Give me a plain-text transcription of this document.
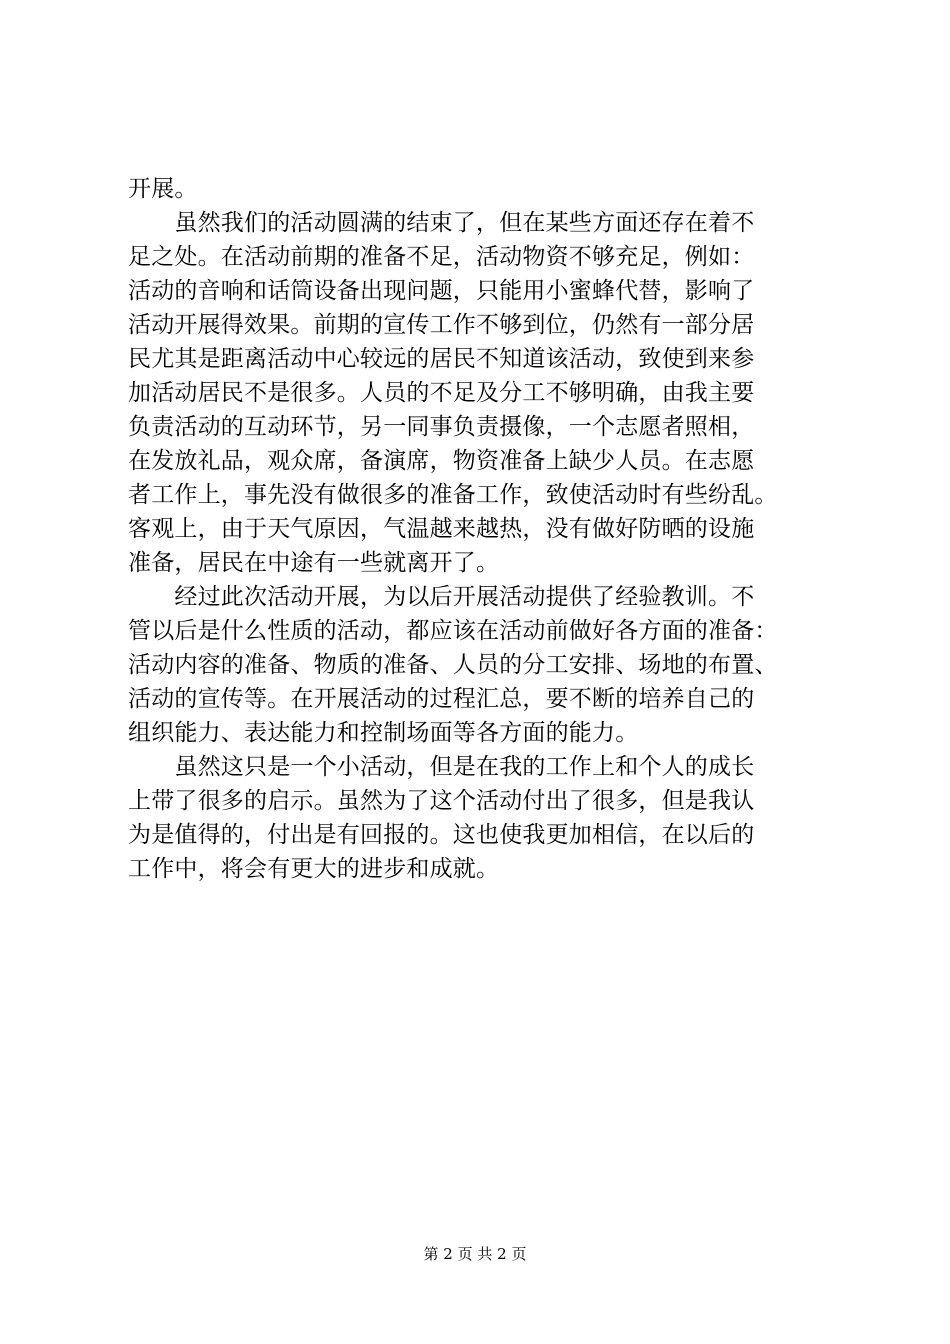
开展。
　　虽然我们的活动圆满的结束了，但在某些方面还存在着不
足之处。在活动前期的准备不足，活动物资不够充足，例如：
活动的音响和话筒设备出现问题，只能用小蜜蜂代替，影响了
活动开展得效果。前期的宣传工作不够到位，仍然有一部分居
民尤其是距离活动中心较远的居民不知道该活动，致使到来参
加活动居民不是很多。人员的不足及分工不够明确，由我主要
负责活动的互动环节，另一同事负责摄像，一个志愿者照相，
在发放礼品，观众席，备演席，物资准备上缺少人员。在志愿
者工作上，事先没有做很多的准备工作，致使活动时有些纷乱。
客观上，由于天气原因，气温越来越热，没有做好防晒的设施
准备，居民在中途有一些就离开了。
　　经过此次活动开展，为以后开展活动提供了经验教训。不
管以后是什么性质的活动，都应该在活动前做好各方面的准备：
活动内容的准备、物质的准备、人员的分工安排、场地的布置、
活动的宣传等。在开展活动的过程汇总，要不断的培养自己的
组织能力、表达能力和控制场面等各方面的能力。
　　虽然这只是一个小活动，但是在我的工作上和个人的成长
上带了很多的启示。虽然为了这个活动付出了很多，但是我认
为是值得的，付出是有回报的。这也使我更加相信，在以后的
工作中，将会有更大的进步和成就。
第 2 页 共 2 页
